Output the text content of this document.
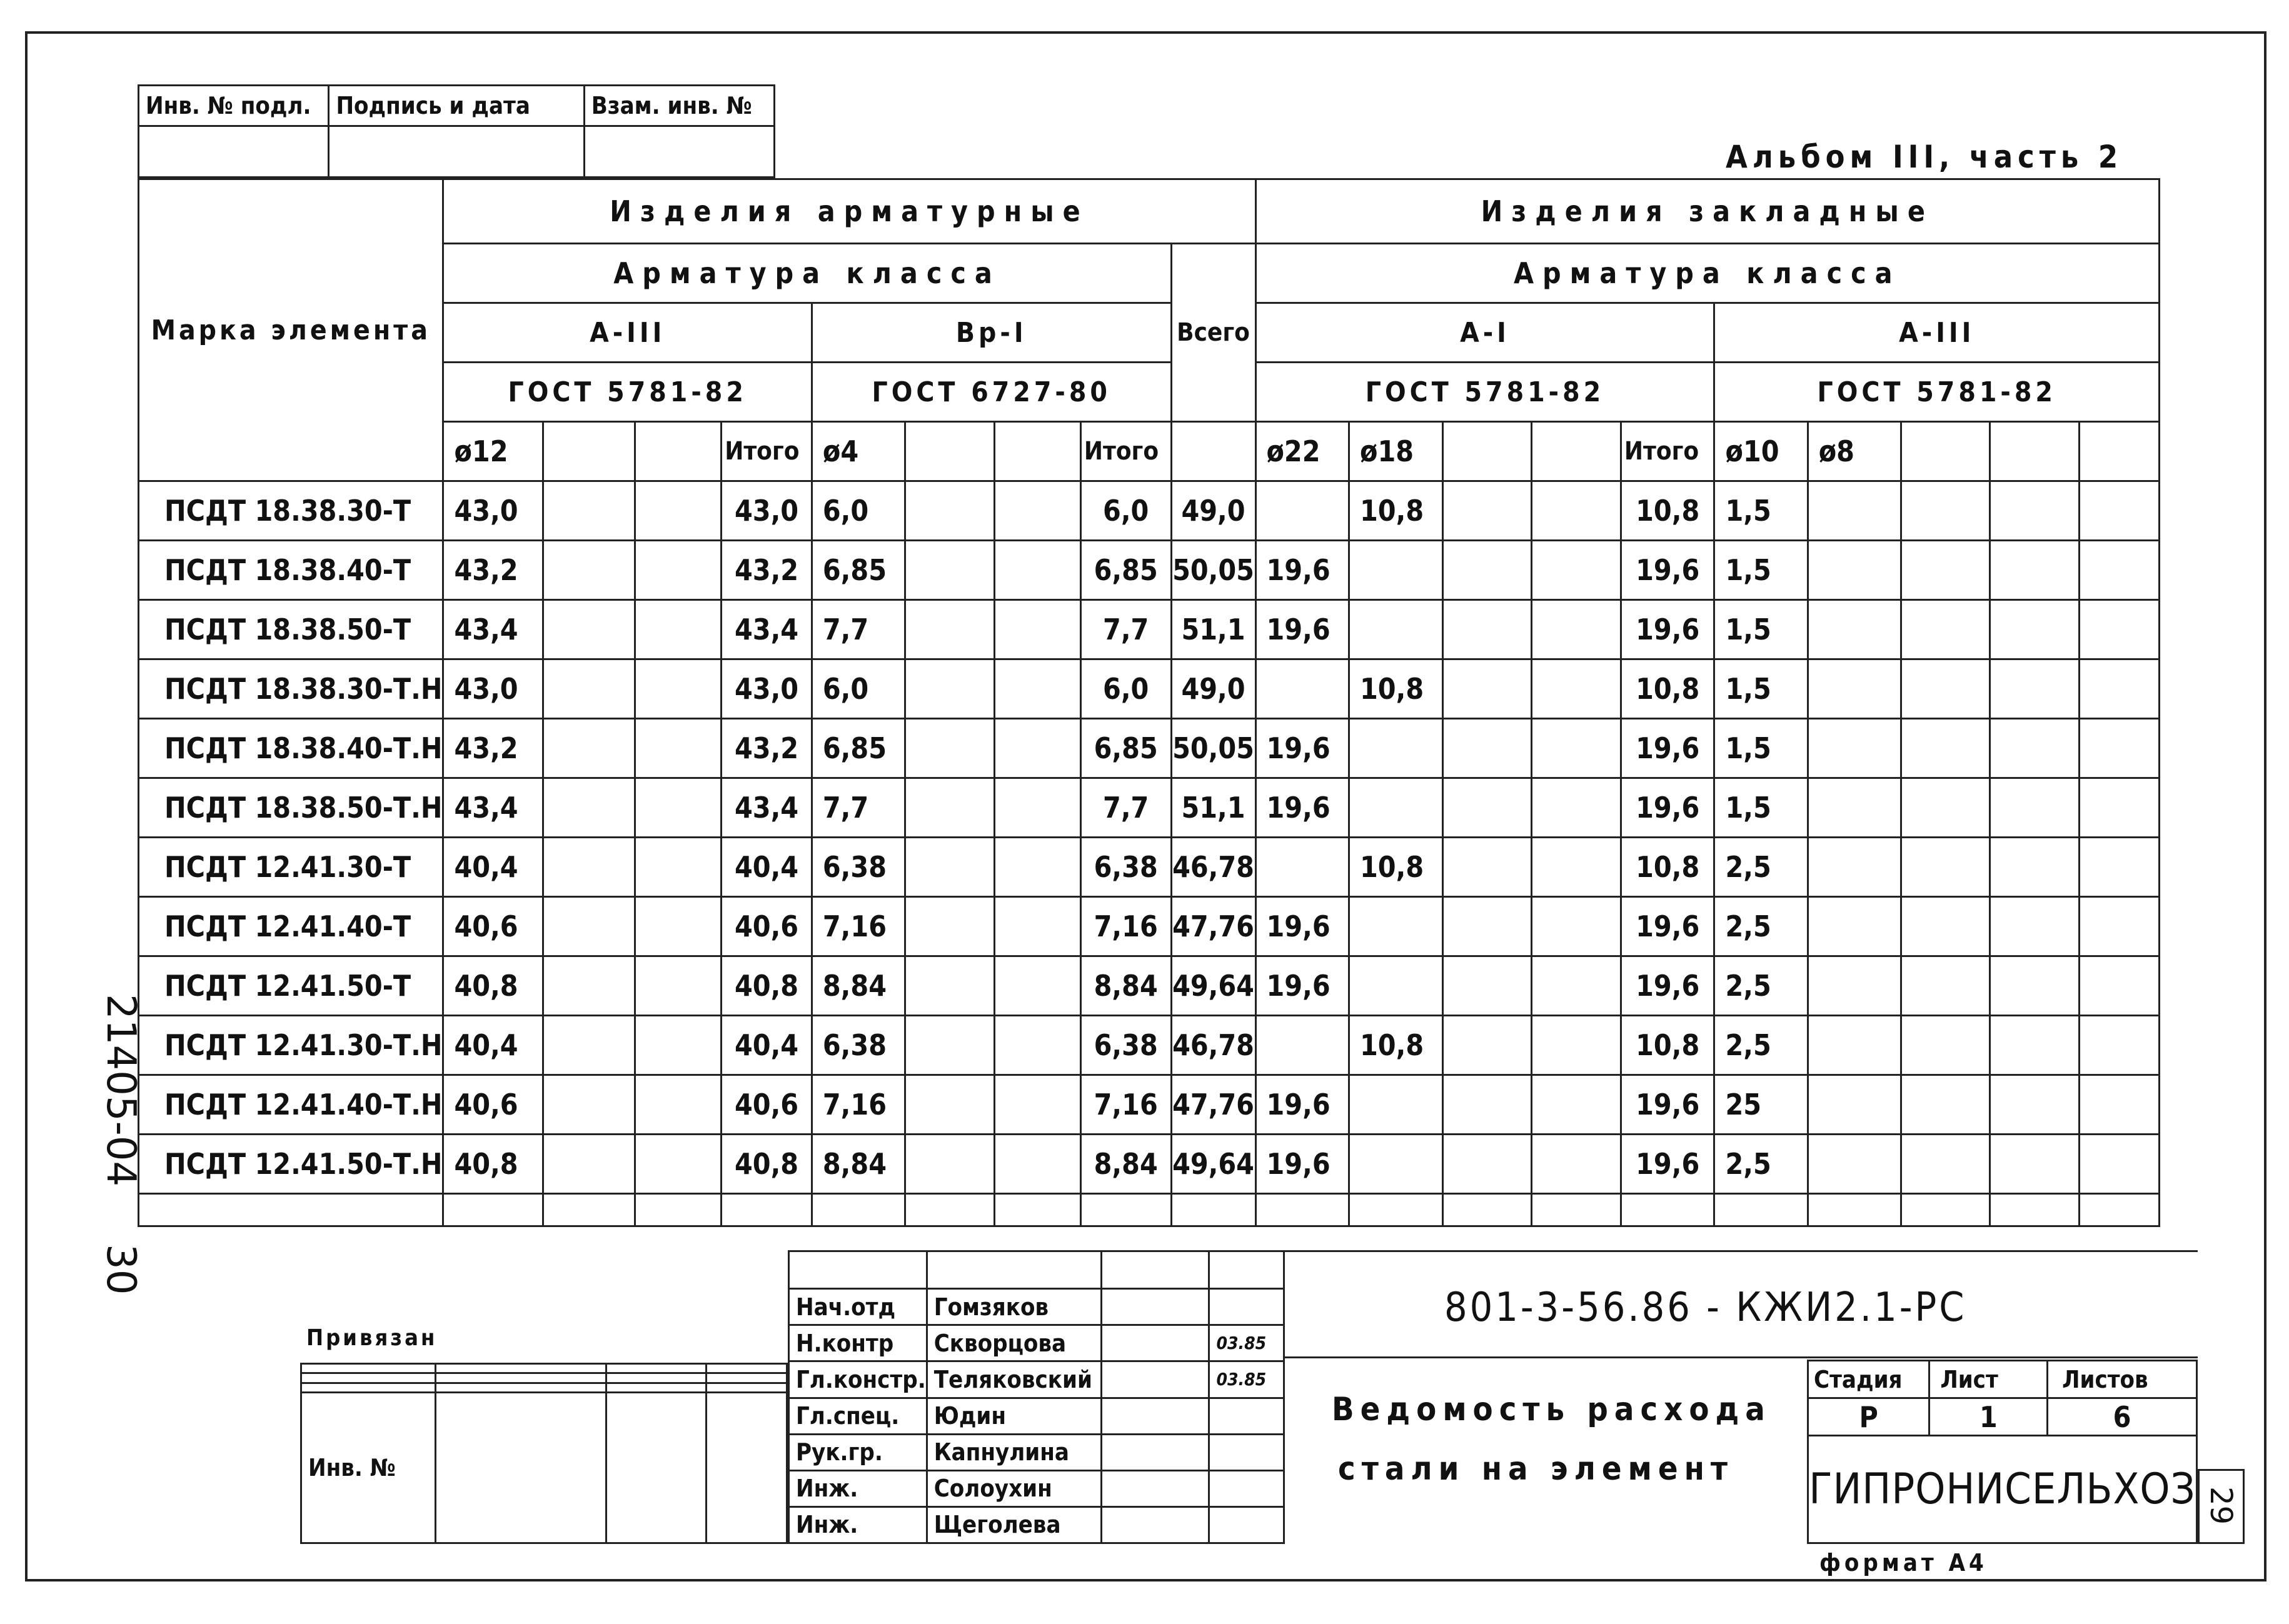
Инв. № подл.	Подпись и дата	Взам. инв. №

Альбом III, часть 2
Марка элемента	Изделия арматурные									Изделия закладные									
	Арматура класса								Всего	Арматура класса									
	А-III				Вр-I					А-I					А-III				
	ГОСТ 5781-82				ГОСТ 6727-80					ГОСТ 5781-82					ГОСТ 5781-82				
	ø12			Итого	ø4			Итого		ø22	ø18			Итого	ø10	ø8			
ПСДТ 18.38.30-Т	43,0			43,0	6,0			6,0	49,0		10,8			10,8	1,5				
ПСДТ 18.38.40-Т	43,2			43,2	6,85			6,85	50,05	19,6				19,6	1,5				
ПСДТ 18.38.50-Т	43,4			43,4	7,7			7,7	51,1	19,6				19,6	1,5				
ПСДТ 18.38.30-Т.Н	43,0			43,0	6,0			6,0	49,0		10,8			10,8	1,5				
ПСДТ 18.38.40-Т.Н	43,2			43,2	6,85			6,85	50,05	19,6				19,6	1,5				
ПСДТ 18.38.50-Т.Н	43,4			43,4	7,7			7,7	51,1	19,6				19,6	1,5				
ПСДТ 12.41.30-Т	40,4			40,4	6,38			6,38	46,78		10,8			10,8	2,5				
ПСДТ 12.41.40-Т	40,6			40,6	7,16			7,16	47,76	19,6				19,6	2,5				
ПСДТ 12.41.50-Т	40,8			40,8	8,84			8,84	49,64	19,6				19,6	2,5				
ПСДТ 12.41.30-Т.Н	40,4			40,4	6,38			6,38	46,78		10,8			10,8	2,5				
ПСДТ 12.41.40-Т.Н	40,6			40,6	7,16			7,16	47,76	19,6				19,6	25				
ПСДТ 12.41.50-Т.Н	40,8			40,8	8,84			8,84	49,64	19,6				19,6	2,5				

21405-04
30
Привязан

Инв. №			

Нач.отд	Гомзяков		
Н.контр	Скворцова		03.85
Гл.констр.	Теляковский		03.85
Гл.спец.	Юдин		
Рук.гр.	Капнулина		
Инж.	Солоухин		
Инж.	Щеголева		
801-3-56.86 - КЖИ2.1-РС
Ведомость расхода
стали на элемент
Стадия	Лист	Листов
Р	1	6
ГИПРОНИСЕЛЬХОЗ		
формат А4
29
